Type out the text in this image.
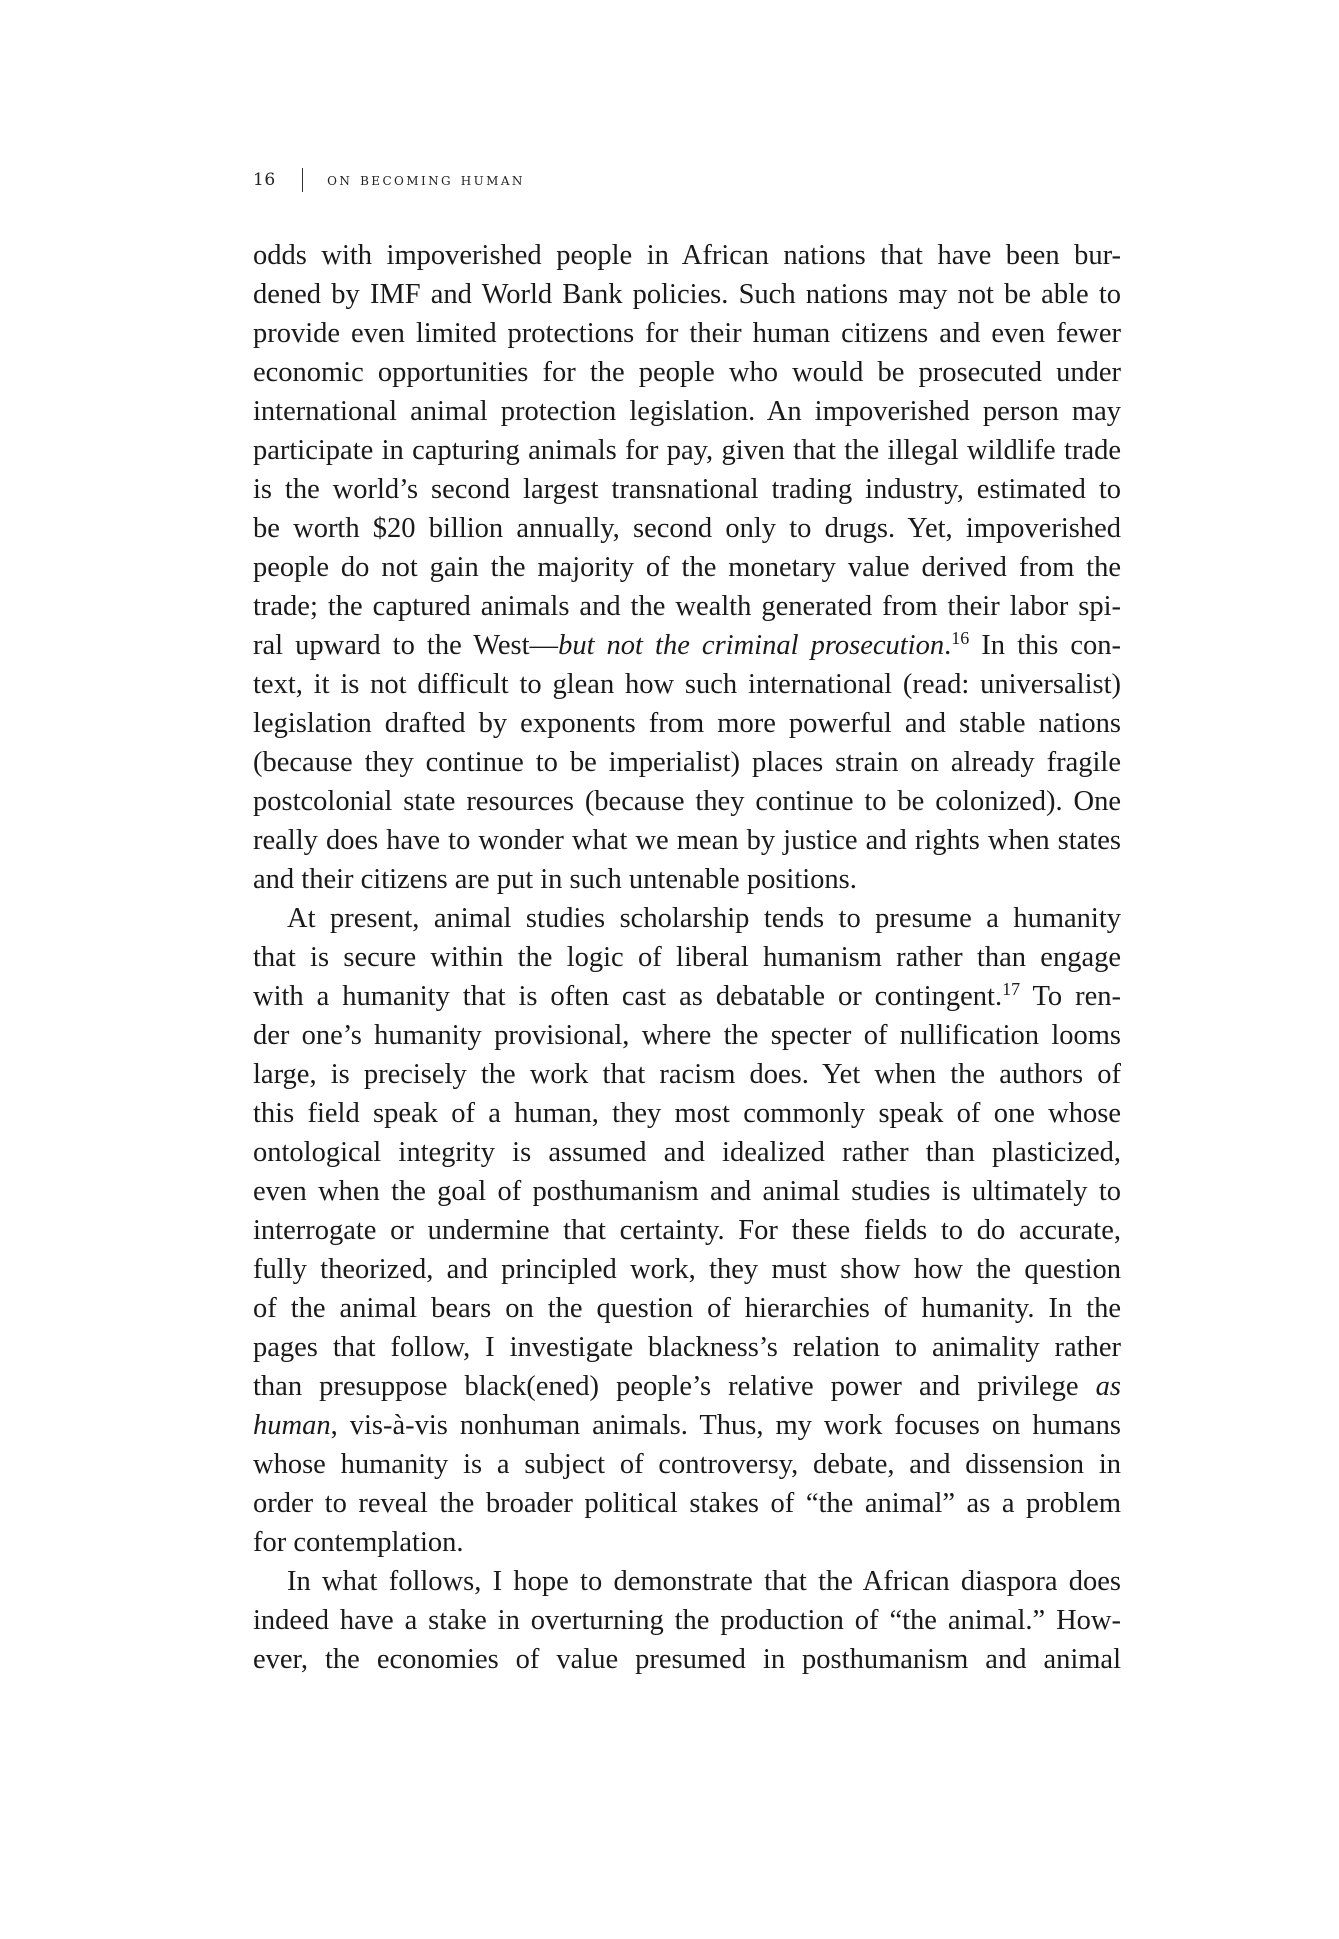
16	on becoming human
odds with impoverished people in African nations that have been bur-
dened by IMF and World Bank policies. Such nations may not be able to
provide even limited protections for their human citizens and even fewer
economic opportunities for the people who would be prosecuted under
international animal protection legislation. An impoverished person may
participate in capturing animals for pay, given that the illegal wildlife trade
is the world’s second largest transnational trading industry, estimated to
be worth $20 billion annually, second only to drugs. Yet, impoverished
people do not gain the majority of the monetary value derived from the
trade; the captured animals and the wealth generated from their labor spi-
ral upward to the West—but not the criminal prosecution.$^{16}$ In this con-
text, it is not difficult to glean how such international (read: universalist)
legislation drafted by exponents from more powerful and stable nations
(because they continue to be imperialist) places strain on already fragile
postcolonial state resources (because they continue to be colonized). One
really does have to wonder what we mean by justice and rights when states
and their citizens are put in such untenable positions.
At present, animal studies scholarship tends to presume a humanity
that is secure within the logic of liberal humanism rather than engage
with a humanity that is often cast as debatable or contingent.$^{17}$ To ren-
der one’s humanity provisional, where the specter of nullification looms
large, is precisely the work that racism does. Yet when the authors of
this field speak of a human, they most commonly speak of one whose
ontological integrity is assumed and idealized rather than plasticized,
even when the goal of posthumanism and animal studies is ultimately to
interrogate or undermine that certainty. For these fields to do accurate,
fully theorized, and principled work, they must show how the question
of the animal bears on the question of hierarchies of humanity. In the
pages that follow, I investigate blackness’s relation to animality rather
than presuppose black(ened) people’s relative power and privilege as
human, vis-à-vis nonhuman animals. Thus, my work focuses on humans
whose humanity is a subject of controversy, debate, and dissension in
order to reveal the broader political stakes of “the animal” as a problem
for contemplation.
In what follows, I hope to demonstrate that the African diaspora does
indeed have a stake in overturning the production of “the animal.” How-
ever, the economies of value presumed in posthumanism and animal
